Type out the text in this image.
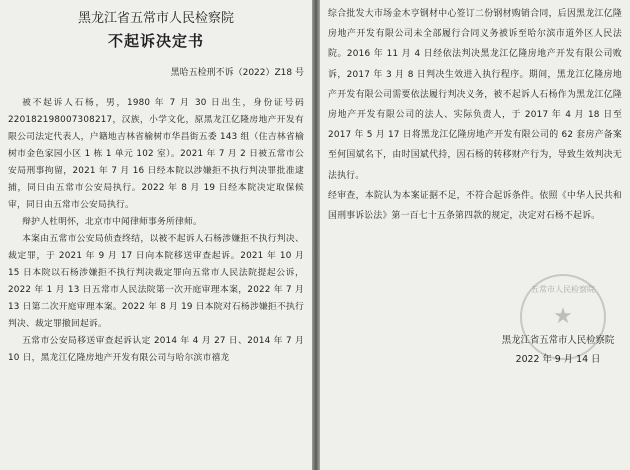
黑龙江省五常市人民检察院
不起诉决定书
黑哈五检刑不诉（2022）Z18 号

被不起诉人石杨，男，1980 年 7 月 30 日出生，身份证号码 220182198007308217，汉族，小学文化，原黑龙江亿隆房地产开发有限公司法定代表人，户籍地吉林省榆树市华昌街五委 143 组（住吉林省榆树市金色家园小区 1 栋 1 单元 102 室）。2021 年 7 月 2 日被五常市公安局刑事拘留，2021 年 7 月 16 日经本院以涉嫌拒不执行判决罪批准逮捕，同日由五常市公安局执行。2022 年 8 月 19 日经本院决定取保候审，同日由五常市公安局执行。

辩护人杜明怀，北京市中闻律师事务所律师。

本案由五常市公安局侦查终结，以被不起诉人石杨涉嫌拒不执行判决、裁定罪，于 2021 年 9 月 17 日向本院移送审查起诉。2021 年 10 月 15 日本院以石杨涉嫌拒不执行判决裁定罪向五常市人民法院提起公诉，2022 年 1 月 13 日五常市人民法院第一次开庭审理本案，2022 年 7 月 13 日第二次开庭审理本案。2022 年 8 月 19 日本院对石杨涉嫌拒不执行判决、裁定罪撤回起诉。

五常市公安局移送审查起诉认定 2014 年 4 月 27 日、2014 年 7 月 10 日，黑龙江亿隆房地产开发有限公司与哈尔滨市禧龙

综合批发大市场金木亨钢材中心签订二份钢材购销合同，后因黑龙江亿隆房地产开发有限公司未全部履行合同义务被诉至哈尔滨市道外区人民法院。2016 年 11 月 4 日经依法判决黑龙江亿隆房地产开发有限公司败诉，2017 年 3 月 8 日判决生效进入执行程序。期间，黑龙江亿隆房地产开发有限公司需要依法履行判决义务，被不起诉人石杨作为黑龙江亿隆房地产开发有限公司的法人、实际负责人，于 2017 年 4 月 18 日至 2017 年 5 月 17 日将黑龙江亿隆房地产开发有限公司的 62 套房产备案至何国斌名下，由时国斌代持，因石杨的转移财产行为，导致生效判决无法执行。

经审查，本院认为本案证据不足，不符合起诉条件。依照《中华人民共和国刑事诉讼法》第一百七十五条第四款的规定，决定对石杨不起诉。

五常市人民检察院
★
黑龙江省五常市人民检察院
2022 年 9 月 14 日
